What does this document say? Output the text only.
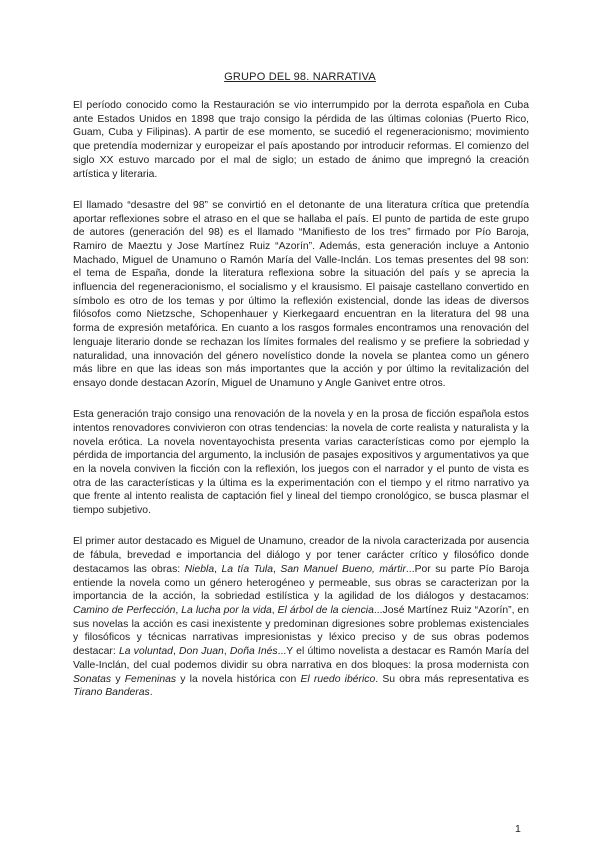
GRUPO DEL 98. NARRATIVA

El período conocido como la Restauración se vio interrumpido por la derrota española en Cuba ante Estados Unidos en 1898 que trajo consigo la pérdida de las últimas colonias (Puerto Rico, Guam, Cuba y Filipinas). A partir de ese momento, se sucedió el regeneracionismo; movimiento que pretendía modernizar y europeizar el país apostando por introducir reformas. El comienzo del siglo XX estuvo marcado por el mal de siglo; un estado de ánimo que impregnó la creación artística y literaria.

El llamado “desastre del 98” se convirtió en el detonante de una literatura crítica que pretendía aportar reflexiones sobre el atraso en el que se hallaba el país. El punto de partida de este grupo de autores (generación del 98) es el llamado “Manifiesto de los tres” firmado por Pío Baroja, Ramiro de Maeztu y Jose Martínez Ruiz “Azorín”. Además, esta generación incluye a Antonio Machado, Miguel de Unamuno o Ramón María del Valle-Inclán. Los temas presentes del 98 son: el tema de España, donde la literatura reflexiona sobre la situación del país y se aprecia la influencia del regeneracionismo, el socialismo y el krausismo. El paisaje castellano convertido en símbolo es otro de los temas y por último la reflexión existencial, donde las ideas de diversos filósofos como Nietzsche, Schopenhauer y Kierkegaard encuentran en la literatura del 98 una forma de expresión metafórica. En cuanto a los rasgos formales encontramos una renovación del lenguaje literario donde se rechazan los límites formales del realismo y se prefiere la sobriedad y naturalidad, una innovación del género novelístico donde la novela se plantea como un género más libre en que las ideas son más importantes que la acción y por último la revitalización del ensayo donde destacan Azorín, Miguel de Unamuno y Angle Ganivet entre otros.

Esta generación trajo consigo una renovación de la novela y en la prosa de ficción española estos intentos renovadores convivieron con otras tendencias: la novela de corte realista y naturalista y la novela erótica. La novela noventayochista presenta varias características como por ejemplo la pérdida de importancia del argumento, la inclusión de pasajes expositivos y argumentativos ya que en la novela conviven la ficción con la reflexión, los juegos con el narrador y el punto de vista es otra de las características y la última es la experimentación con el tiempo y el ritmo narrativo ya que frente al intento realista de captación fiel y lineal del tiempo cronológico, se busca plasmar el tiempo subjetivo.

El primer autor destacado es Miguel de Unamuno, creador de la nivola caracterizada por ausencia de fábula, brevedad e importancia del diálogo y por tener carácter crítico y filosófico donde destacamos las obras: Niebla, La tía Tula, San Manuel Bueno, mártir...Por su parte Pío Baroja entiende la novela como un género heterogéneo y permeable, sus obras se caracterizan por la importancia de la acción, la sobriedad estilística y la agilidad de los diálogos y destacamos: Camino de Perfección, La lucha por la vida, El árbol de la ciencia...José Martínez Ruiz “Azorín”, en sus novelas la acción es casi inexistente y predominan digresiones sobre problemas existenciales y filosóficos y técnicas narrativas impresionistas y léxico preciso y de sus obras podemos destacar: La voluntad, Don Juan, Doña Inés...Y el último novelista a destacar es Ramón María del Valle-Inclán, del cual podemos dividir su obra narrativa en dos bloques: la prosa modernista con Sonatas y Femeninas y la novela histórica con El ruedo ibérico. Su obra más representativa es Tirano Banderas.

1
